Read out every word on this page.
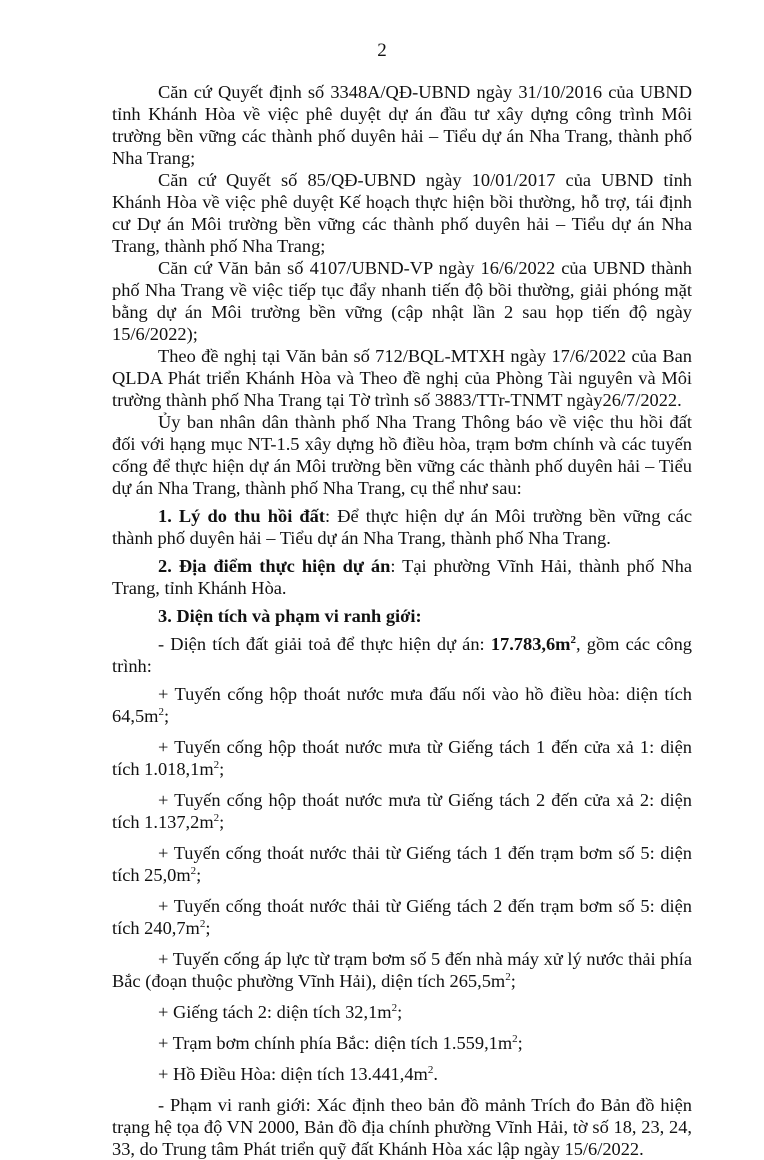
2

Căn cứ Quyết định số 3348A/QĐ-UBND ngày 31/10/2016 của UBND tỉnh Khánh Hòa về việc phê duyệt dự án đầu tư xây dựng công trình Môi trường bền vững các thành phố duyên hải – Tiểu dự án Nha Trang, thành phố Nha Trang;

Căn cứ Quyết số 85/QĐ-UBND ngày 10/01/2017 của UBND tỉnh Khánh Hòa về việc phê duyệt Kế hoạch thực hiện bồi thường, hỗ trợ, tái định cư Dự án Môi trường bền vững các thành phố duyên hải – Tiểu dự án Nha Trang, thành phố Nha Trang;

Căn cứ Văn bản số 4107/UBND-VP ngày 16/6/2022 của UBND thành phố Nha Trang về việc tiếp tục đẩy nhanh tiến độ bồi thường, giải phóng mặt bằng dự án Môi trường bền vững (cập nhật lần 2 sau họp tiến độ ngày 15/6/2022);

Theo đề nghị tại Văn bản số 712/BQL-MTXH ngày 17/6/2022 của Ban QLDA Phát triển Khánh Hòa và Theo đề nghị của Phòng Tài nguyên và Môi trường thành phố Nha Trang tại Tờ trình số 3883/TTr-TNMT ngày26/7/2022.

Ủy ban nhân dân thành phố Nha Trang Thông báo về việc thu hồi đất đối với hạng mục NT-1.5 xây dựng hồ điều hòa, trạm bơm chính và các tuyến cống để thực hiện dự án Môi trường bền vững các thành phố duyên hải – Tiểu dự án Nha Trang, thành phố Nha Trang, cụ thể như sau:

1. Lý do thu hồi đất: Để thực hiện dự án Môi trường bền vững các thành phố duyên hải – Tiểu dự án Nha Trang, thành phố Nha Trang.

2. Địa điểm thực hiện dự án: Tại phường Vĩnh Hải, thành phố Nha Trang, tỉnh Khánh Hòa.

3. Diện tích và phạm vi ranh giới:

- Diện tích đất giải toả để thực hiện dự án: $17.783,6m^2$, gồm các công trình:

+ Tuyến cống hộp thoát nước mưa đấu nối vào hồ điều hòa: diện tích $64,5m^2$;

+ Tuyến cống hộp thoát nước mưa từ Giếng tách 1 đến cửa xả 1: diện tích $1.018,1m^2$;

+ Tuyến cống hộp thoát nước mưa từ Giếng tách 2 đến cửa xả 2: diện tích $1.137,2m^2$;

+ Tuyến cống thoát nước thải từ Giếng tách 1 đến trạm bơm số 5: diện tích $25,0m^2$;

+ Tuyến cống thoát nước thải từ Giếng tách 2 đến trạm bơm số 5: diện tích $240,7m^2$;

+ Tuyến cống áp lực từ trạm bơm số 5 đến nhà máy xử lý nước thải phía Bắc (đoạn thuộc phường Vĩnh Hải), diện tích $265,5m^2$;

+ Giếng tách 2: diện tích $32,1m^2$;

+ Trạm bơm chính phía Bắc: diện tích $1.559,1m^2$;

+ Hồ Điều Hòa: diện tích $13.441,4m^2$.

- Phạm vi ranh giới: Xác định theo bản đồ mảnh Trích đo Bản đồ hiện trạng hệ tọa độ VN 2000, Bản đồ địa chính phường Vĩnh Hải, tờ số 18, 23, 24, 33, do Trung tâm Phát triển quỹ đất Khánh Hòa xác lập ngày 15/6/2022.
